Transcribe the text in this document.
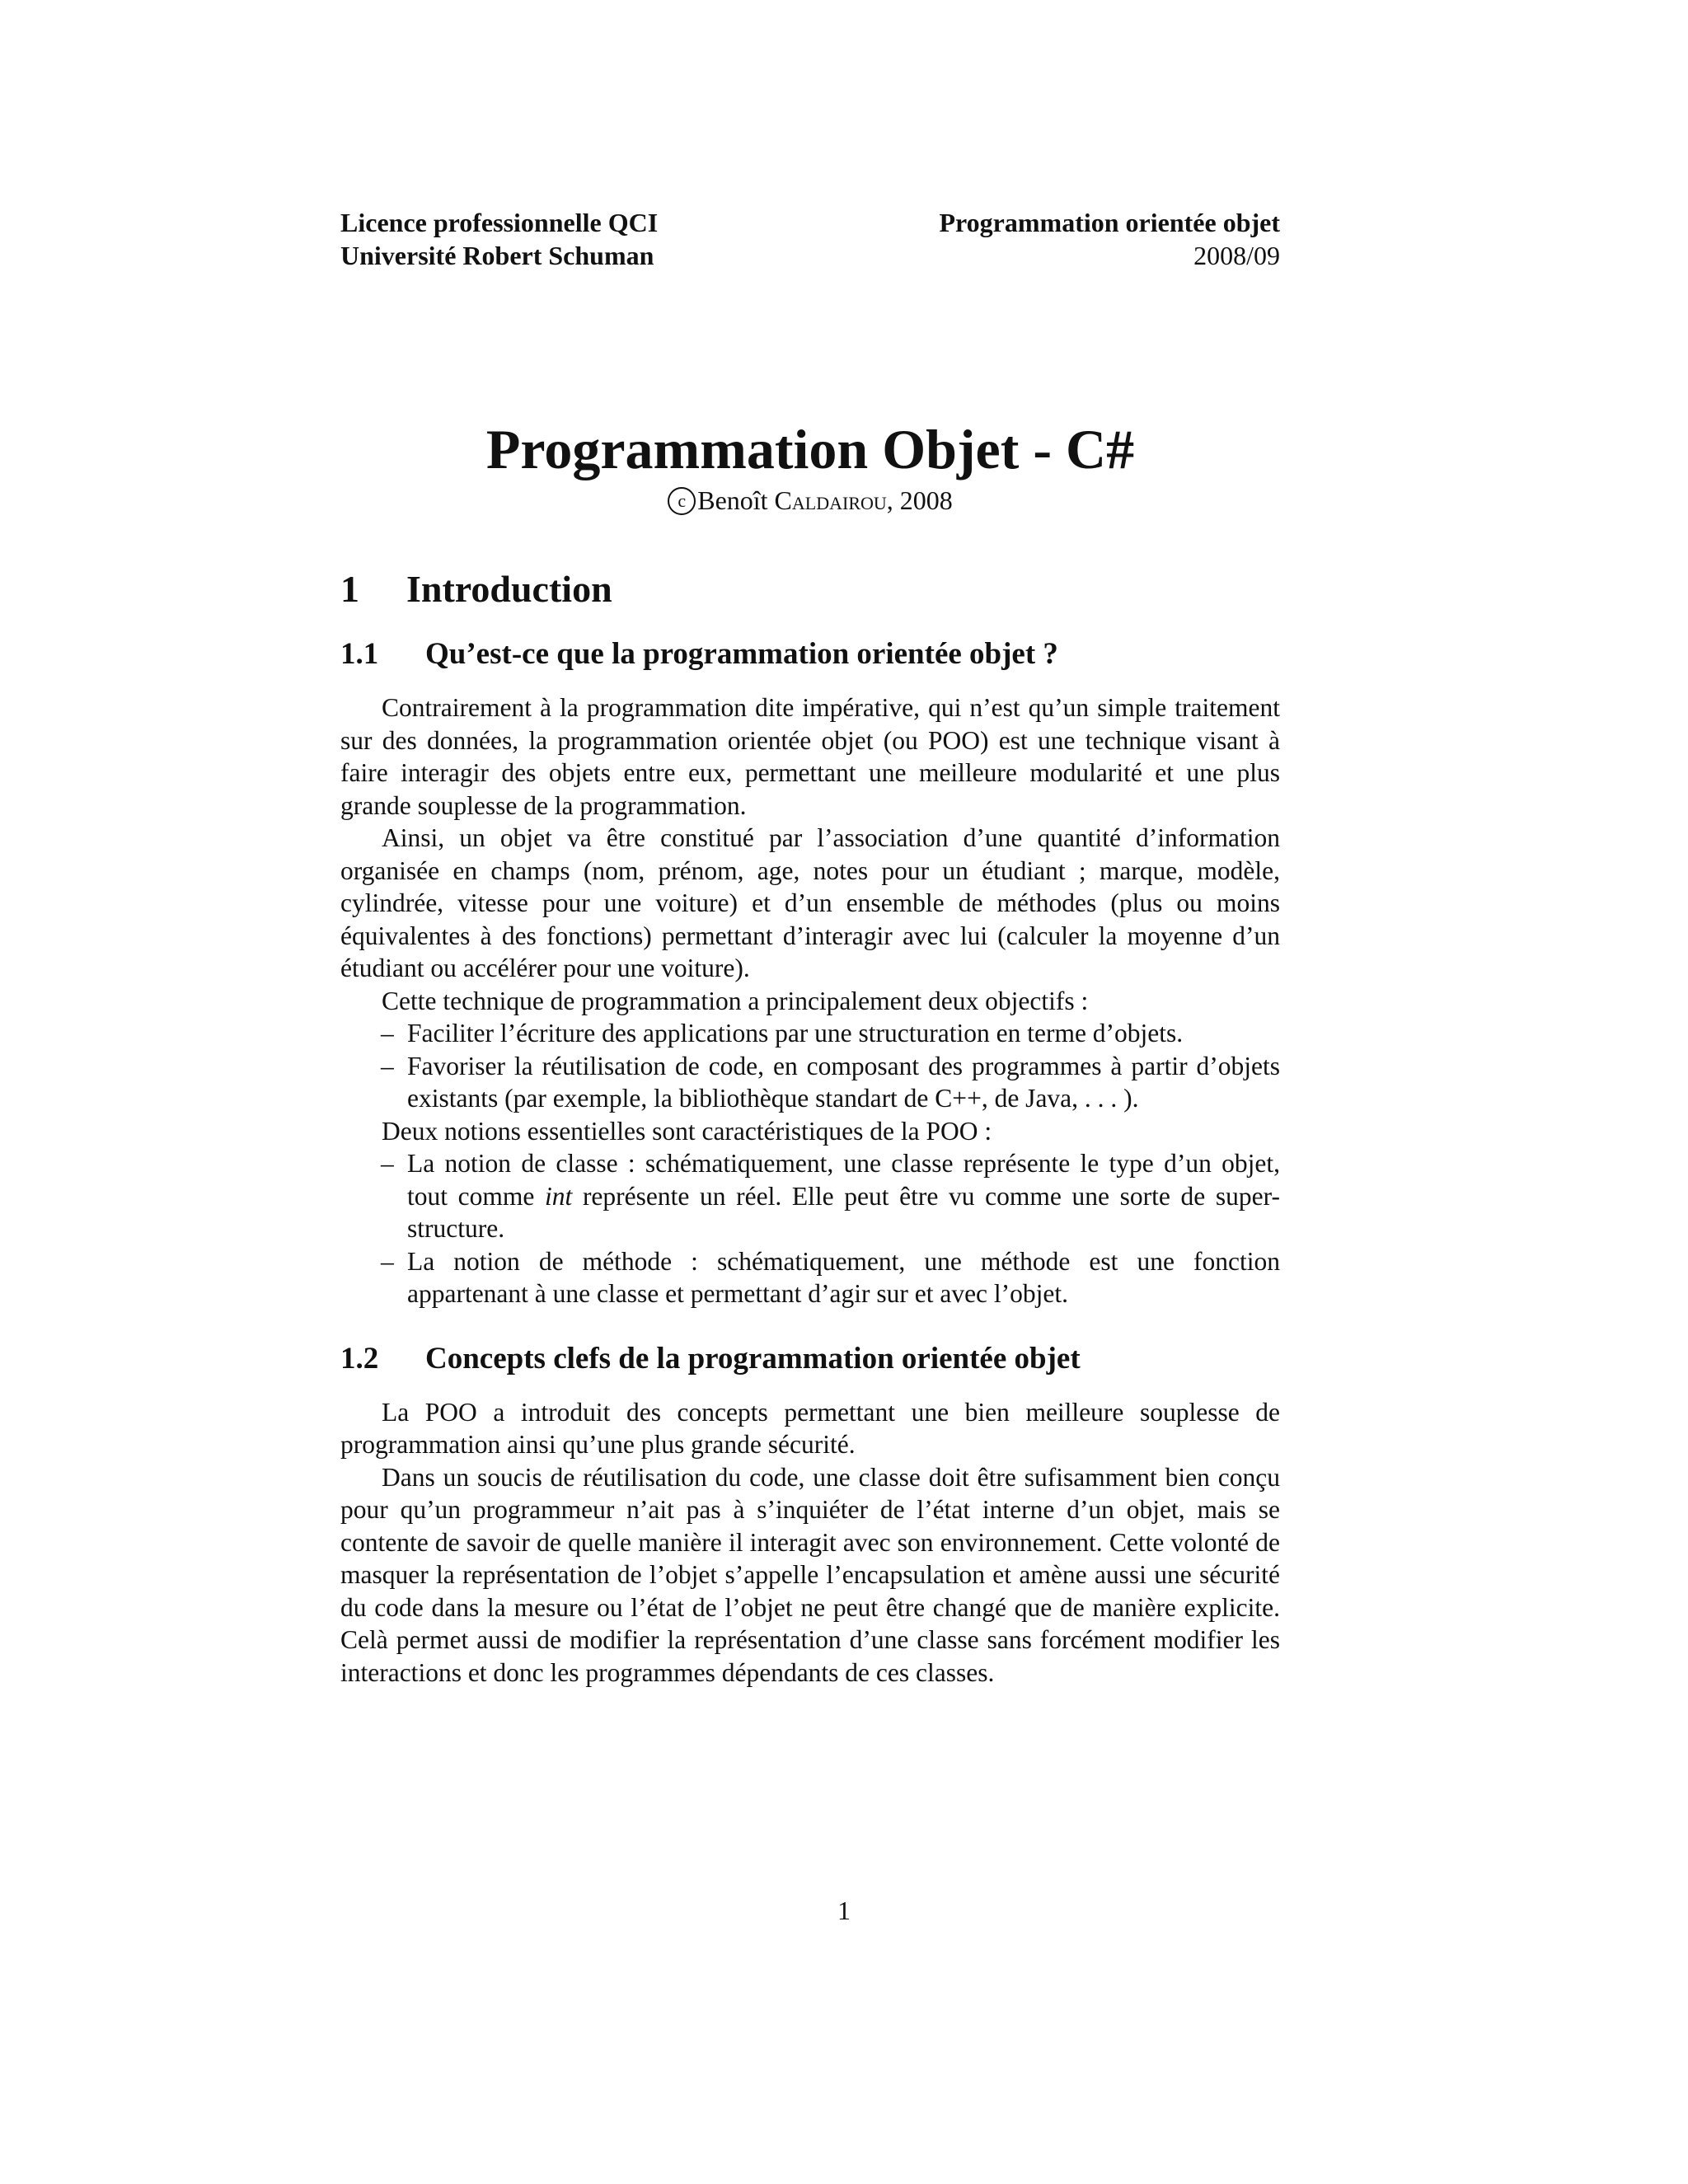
Licence professionnelle QCI
Université Robert Schuman
Programmation orientée objet
2008/09
Programmation Objet - C#
c Benoît Caldairou, 2008
1	Introduction
1.1	Qu’est-ce que la programmation orientée objet ?

Contrairement à la programmation dite impérative, qui n’est qu’un simple traitement sur des données, la programmation orientée objet (ou POO) est une technique visant à faire interagir des objets entre eux, permettant une meilleure modularité et une plus grande souplesse de la programmation.

Ainsi, un objet va être constitué par l’association d’une quantité d’information organisée en champs (nom, prénom, age, notes pour un étudiant ; marque, modèle, cylindrée, vitesse pour une voiture) et d’un ensemble de méthodes (plus ou moins équivalentes à des fonctions) permettant d’interagir avec lui (calculer la moyenne d’un étudiant ou accélérer pour une voiture).

Cette technique de programmation a principalement deux objectifs :

– Faciliter l’écriture des applications par une structuration en terme d’objets.
– Favoriser la réutilisation de code, en composant des programmes à partir d’objets existants (par exemple, la bibliothèque standart de C++, de Java, . . . ).

Deux notions essentielles sont caractéristiques de la POO :

– La notion de classe : schématiquement, une classe représente le type d’un objet, tout comme int représente un réel. Elle peut être vu comme une sorte de super-structure.
– La notion de méthode : schématiquement, une méthode est une fonction appartenant à une classe et permettant d’agir sur et avec l’objet.
1.2	Concepts clefs de la programmation orientée objet

La POO a introduit des concepts permettant une bien meilleure souplesse de programmation ainsi qu’une plus grande sécurité.

Dans un soucis de réutilisation du code, une classe doit être sufisamment bien conçu pour qu’un programmeur n’ait pas à s’inquiéter de l’état interne d’un objet, mais se contente de savoir de quelle manière il interagit avec son environnement. Cette volonté de masquer la représentation de l’objet s’appelle l’encapsulation et amène aussi une sécurité du code dans la mesure ou l’état de l’objet ne peut être changé que de manière explicite. Celà permet aussi de modifier la représentation d’une classe sans forcément modifier les interactions et donc les programmes dépendants de ces classes.

1
